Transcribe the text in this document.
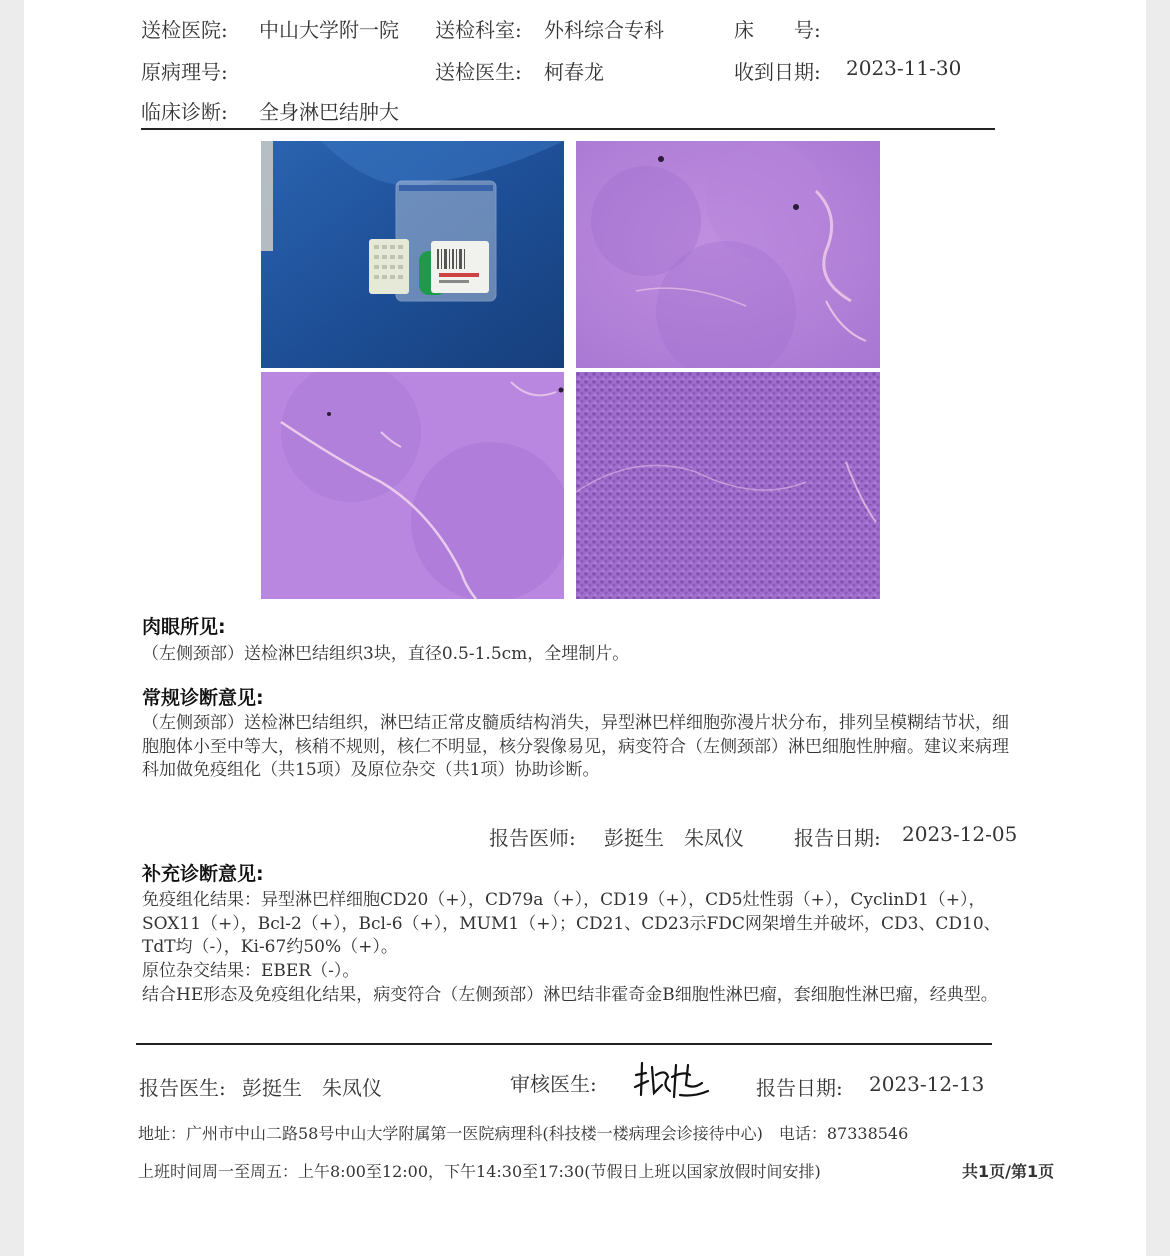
送检医院: 中山大学附一院 送检科室: 外科综合专科	床　　号:
原病理号:	送检医生: 柯春龙	收到日期: 2023-11-30
临床诊断: 全身淋巴结肿大
肉眼所见:
（左侧颈部）送检淋巴结组织3块，直径0.5-1.5cm，全埋制片。
常规诊断意见:
（左侧颈部）送检淋巴结组织，淋巴结正常皮髓质结构消失，异型淋巴样细胞弥漫片状分布，排列呈模糊结节状，细胞胞体小至中等大，核稍不规则，核仁不明显，核分裂像易见，病变符合（左侧颈部）淋巴细胞性肿瘤。建议来病理科加做免疫组化（共15项）及原位杂交（共1项）协助诊断。
报告医师: 彭挺生　朱凤仪	报告日期: 2023-12-05
补充诊断意见:
免疫组化结果：异型淋巴样细胞CD20（+），CD79a（+），CD19（+），CD5灶性弱（+），CyclinD1（+），SOX11（+），Bcl-2（+），Bcl-6（+），MUM1（+）；CD21、CD23示FDC网架增生并破坏，CD3、CD10、TdT均（-），Ki-67约50%（+）。
原位杂交结果：EBER（-）。
结合HE形态及免疫组化结果，病变符合（左侧颈部）淋巴结非霍奇金B细胞性淋巴瘤，套细胞性淋巴瘤，经典型。
报告医生: 彭挺生　朱凤仪	审核医生:	报告日期: 2023-12-13
地址：广州市中山二路58号中山大学附属第一医院病理科(科技楼一楼病理会诊接待中心)　电话：87338546
上班时间周一至周五：上午8:00至12:00，下午14:30至17:30(节假日上班以国家放假时间安排)	共1页/第1页
